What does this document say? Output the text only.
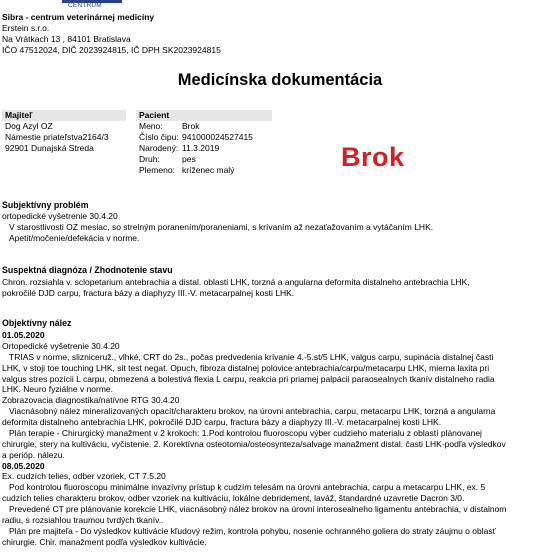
CENTRUM
Sibra - centrum veterinárnej medicíny
Erstein s.r.o.
Na Vrátkach 13 , 84101 Bratislava
IČO 47512024, DIČ 2023924815, IČ DPH SK2023924815
Medicínska dokumentácia
Majiteľ
Dog Azyl OZ
Námestie priateľstva2164/3
92901 Dunajská Streda
Pacient
Meno:	Brok
Číslo čipu: 941000024527415
Narodený: 11.3.2019
Druh:	pes
Plemeno: kríženec malý	Brok
Subjektívny problém
ortopedické vyšetrenie 30.4.20
V starostlivosti OZ mesiac, so strelným poranením/poraneniami, s krívaním až nezaťažovaním a vytáčaním LHK.
Apetit/močenie/defekácia v norme.
Suspektná diagnóza / Zhodnotenie stavu
Chron. rozsiahla v. sclopetarium antebrachia a distal. oblasti LHK, torzná a angularna deformita distalneho antebrachia LHK,
pokročilé DJD carpu, fractura bázy a diaphyzy III.-V. metacarpalnej kosti LHK.
Objektívny nález
01.05.2020
Ortopedické vyšetrenie 30.4.20
TRIAS v norme, slizniceruž., vlhké, CRT do 2s., počas predvedenia krívanie 4.-5.st/5 LHK, valgus carpu, supinácia distalnej časti
LHK, v stoji toe touching LHK, sit test negat. Opuch, fibroza distalnej polovice antebrachia/carpu/metacarpu LHK, mierna laxita pri
valgus stres pozícii L carpu, obmezená a bolestivá flexia L carpu, reakcia pri priamej palpácii paraosealnych tkanív distalneho radia
LHK. Neuro fyziálne v norme.
Zobrazovacia diagnostika/natívne RTG 30.4.20
Viacnásobný nález mineralizovaných opacít/charakteru brokov, na úrovni antebrachia, carpu, metacarpu LHK, torzná a angularna
deformita distalneho antebrachia LHK, pokročilé DJD carpu, fractura bázy a diaphyzy III.-V. metacarpalnej kosti LHK.
Plán terapie - Chirurgický manažment v 2 krokoch: 1.Pod kontrolou fluoroscopu výber cudzieho materialu z oblastí plánovanej
chirurgie, stery na kultiváciu, vyčistenie. 2. Korektívna osteotomia/osteosynteza/salvage manažment distal. časti LHK-podľa výsledkov
a perióp. nálezu.
08.05.2020
Ex. cudzích telies, odber vzoriek, CT 7.5.20
Pod kontrolou fluoroscopu minimálne invazívny prístup k cudzím telesám na úrovni antebrachia, carpu a metacarpu LHK, ex. 5
cudzích telies charakteru brokov, odber vzoriek na kultiváciu, lokálne debridement, laváž, štandardné uzavretie Dacron 3/0.
Prevedené CT pre plánovanie korekcie LHK, viacnásobný nález brokov na úrovni interosealneho ligamentu antebrachia, v distalnom
radiu, s rozsiahlou traumou tvrdých tkanív..
Plán pre majiteľa - Do výsledkov kultivácie kľudový režim, kontrola pohybu, nosenie ochranného goliera do straty záujmu o oblasť
chirurgie. Chir. manažment podľa výsledkov kultivácie.
